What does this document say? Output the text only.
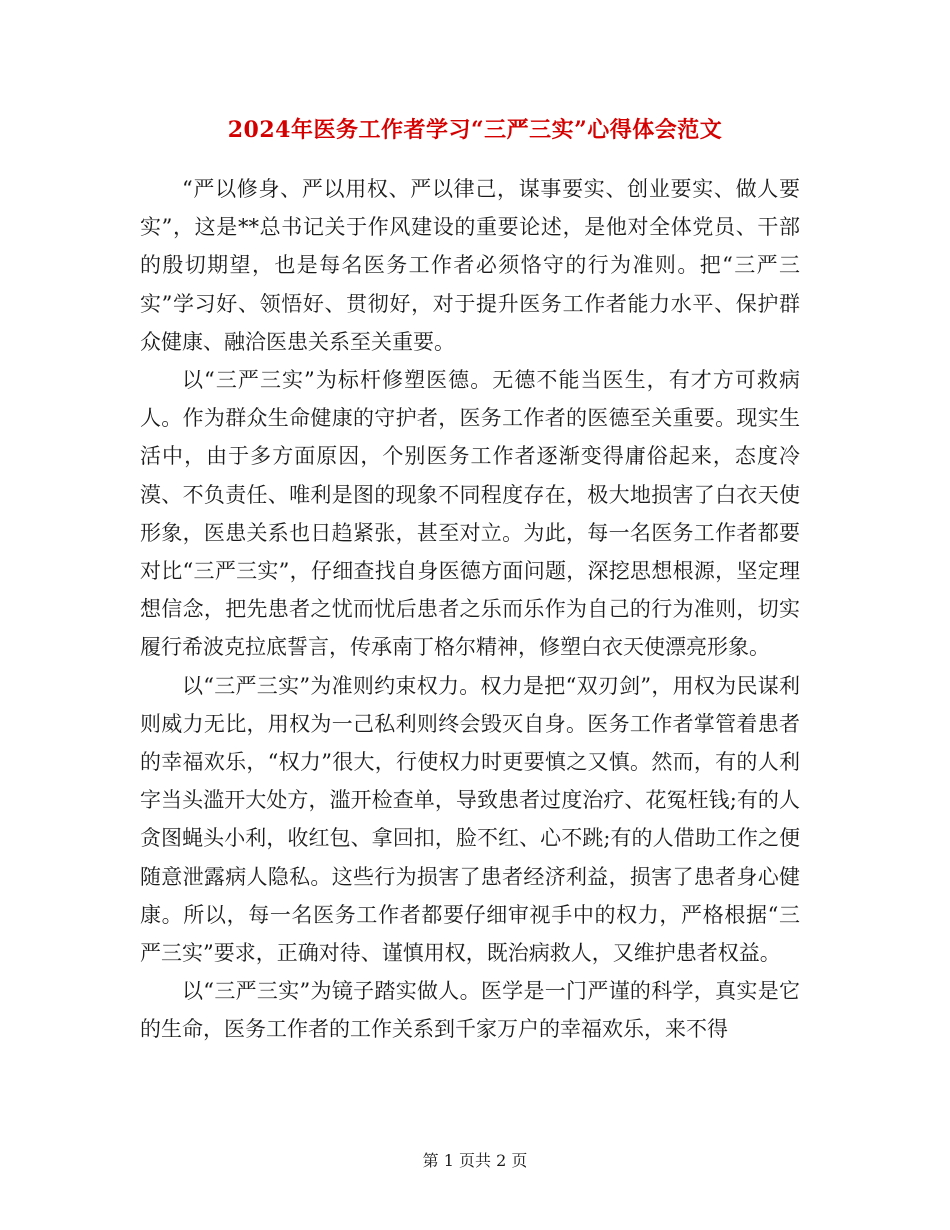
2024年医务工作者学习“三严三实”心得体会范文

“严以修身、严以用权、严以律己，谋事要实、创业要实、做人要实”，这是**总书记关于作风建设的重要论述，是他对全体党员、干部的殷切期望，也是每名医务工作者必须恪守的行为准则。把“三严三实”学习好、领悟好、贯彻好，对于提升医务工作者能力水平、保护群众健康、融洽医患关系至关重要。

以“三严三实”为标杆修塑医德。无德不能当医生，有才方可救病人。作为群众生命健康的守护者，医务工作者的医德至关重要。现实生活中，由于多方面原因，个别医务工作者逐渐变得庸俗起来，态度冷漠、不负责任、唯利是图的现象不同程度存在，极大地损害了白衣天使形象，医患关系也日趋紧张，甚至对立。为此，每一名医务工作者都要对比“三严三实”，仔细查找自身医德方面问题，深挖思想根源，坚定理想信念，把先患者之忧而忧后患者之乐而乐作为自己的行为准则，切实履行希波克拉底誓言，传承南丁格尔精神，修塑白衣天使漂亮形象。

以“三严三实”为准则约束权力。权力是把“双刃剑”，用权为民谋利则威力无比，用权为一己私利则终会毁灭自身。医务工作者掌管着患者的幸福欢乐，“权力”很大，行使权力时更要慎之又慎。然而，有的人利字当头滥开大处方，滥开检查单，导致患者过度治疗、花冤枉钱;有的人贪图蝇头小利，收红包、拿回扣，脸不红、心不跳;有的人借助工作之便随意泄露病人隐私。这些行为损害了患者经济利益，损害了患者身心健康。所以，每一名医务工作者都要仔细审视手中的权力，严格根据“三严三实”要求，正确对待、谨慎用权，既治病救人，又维护患者权益。

以“三严三实”为镜子踏实做人。医学是一门严谨的科学，真实是它的生命，医务工作者的工作关系到千家万户的幸福欢乐，来不得

第 1 页共 2 页
